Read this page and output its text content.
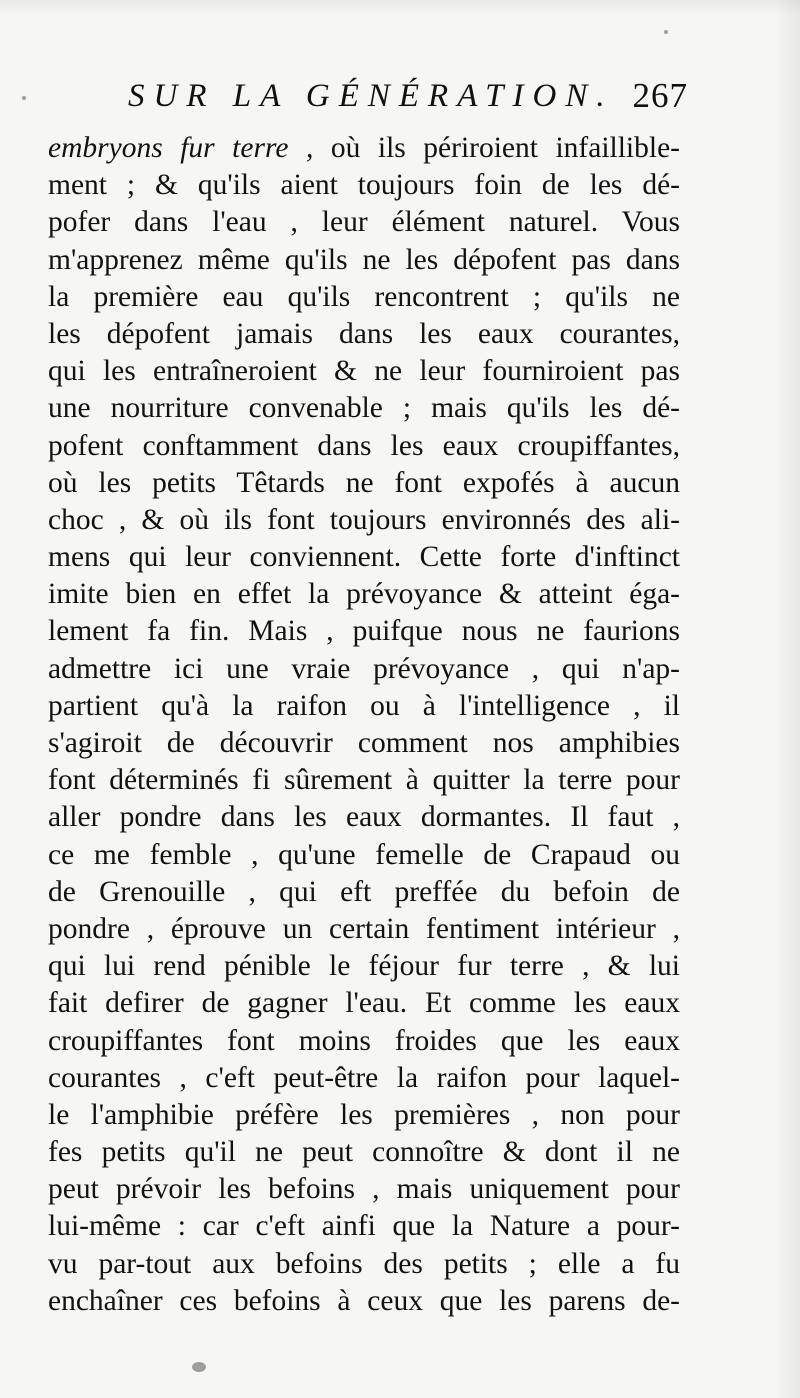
SUR LA GÉNÉRATION. 267
embryons fur terre , où ils périroient infaillible-
ment ; & qu'ils aient toujours foin de les dé-
pofer dans l'eau , leur élément naturel. Vous
m'apprenez même qu'ils ne les dépofent pas dans
la première eau qu'ils rencontrent ; qu'ils ne
les dépofent jamais dans les eaux courantes,
qui les entraîneroient & ne leur fourniroient pas
une nourriture convenable ; mais qu'ils les dé-
pofent conftamment dans les eaux croupiffantes,
où les petits Têtards ne font expofés à aucun
choc , & où ils font toujours environnés des ali-
mens qui leur conviennent. Cette forte d'inftinct
imite bien en effet la prévoyance & atteint éga-
lement fa fin. Mais , puifque nous ne faurions
admettre ici une vraie prévoyance , qui n'ap-
partient qu'à la raifon ou à l'intelligence , il
s'agiroit de découvrir comment nos amphibies
font déterminés fi sûrement à quitter la terre pour
aller pondre dans les eaux dormantes. Il faut ,
ce me femble , qu'une femelle de Crapaud ou
de Grenouille , qui eft preffée du befoin de
pondre , éprouve un certain fentiment intérieur ,
qui lui rend pénible le féjour fur terre , & lui
fait defirer de gagner l'eau. Et comme les eaux
croupiffantes font moins froides que les eaux
courantes , c'eft peut-être la raifon pour laquel-
le l'amphibie préfère les premières , non pour
fes petits qu'il ne peut connoître & dont il ne
peut prévoir les befoins , mais uniquement pour
lui-même : car c'eft ainfi que la Nature a pour-
vu par-tout aux befoins des petits ; elle a fu
enchaîner ces befoins à ceux que les parens de-
